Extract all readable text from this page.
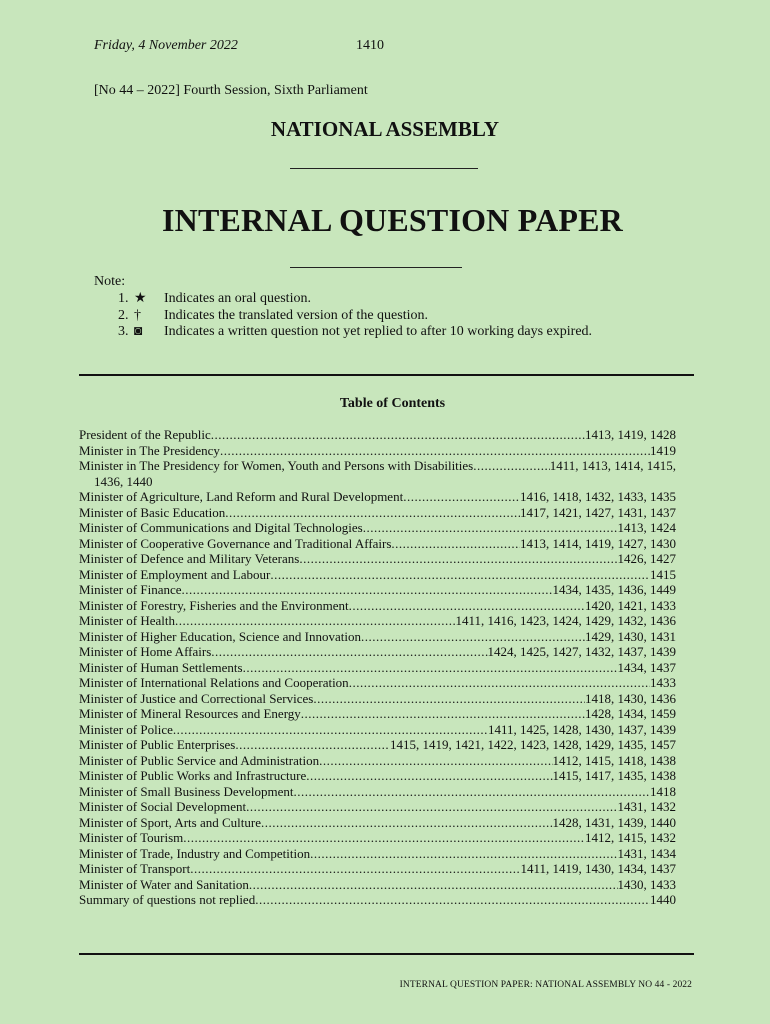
Friday, 4 November 2022	1410
[No 44 – 2022] Fourth Session, Sixth Parliament
NATIONAL ASSEMBLY
INTERNAL QUESTION PAPER
Note:
1. ★ Indicates an oral question.
2. † Indicates the translated version of the question.
3. ◙ Indicates a written question not yet replied to after 10 working days expired.
Table of Contents
President of the Republic .....	1413, 1419, 1428
Minister in The Presidency .....	1419
Minister in The Presidency for Women, Youth and Persons with Disabilities .....	1411, 1413, 1414, 1415,
1436, 1440
Minister of Agriculture, Land Reform and Rural Development .....	1416, 1418, 1432, 1433, 1435
Minister of Basic Education .....	1417, 1421, 1427, 1431, 1437
Minister of Communications and Digital Technologies .....	1413, 1424
Minister of Cooperative Governance and Traditional Affairs .....	1413, 1414, 1419, 1427, 1430
Minister of Defence and Military Veterans .....	1426, 1427
Minister of Employment and Labour .....	1415
Minister of Finance .....	1434, 1435, 1436, 1449
Minister of Forestry, Fisheries and the Environment .....	1420, 1421, 1433
Minister of Health .....	1411, 1416, 1423, 1424, 1429, 1432, 1436
Minister of Higher Education, Science and Innovation .....	1429, 1430, 1431
Minister of Home Affairs .....	1424, 1425, 1427, 1432, 1437, 1439
Minister of Human Settlements .....	1434, 1437
Minister of International Relations and Cooperation .....	1433
Minister of Justice and Correctional Services .....	1418, 1430, 1436
Minister of Mineral Resources and Energy .....	1428, 1434, 1459
Minister of Police .....	1411, 1425, 1428, 1430, 1437, 1439
Minister of Public Enterprises .....	1415, 1419, 1421, 1422, 1423, 1428, 1429, 1435, 1457
Minister of Public Service and Administration .....	1412, 1415, 1418, 1438
Minister of Public Works and Infrastructure .....	1415, 1417, 1435, 1438
Minister of Small Business Development .....	1418
Minister of Social Development .....	1431, 1432
Minister of Sport, Arts and Culture .....	1428, 1431, 1439, 1440
Minister of Tourism .....	1412, 1415, 1432
Minister of Trade, Industry and Competition .....	1431, 1434
Minister of Transport .....	1411, 1419, 1430, 1434, 1437
Minister of Water and Sanitation .....	1430, 1433
Summary of questions not replied .....	1440
INTERNAL QUESTION PAPER: NATIONAL ASSEMBLY NO 44 - 2022
